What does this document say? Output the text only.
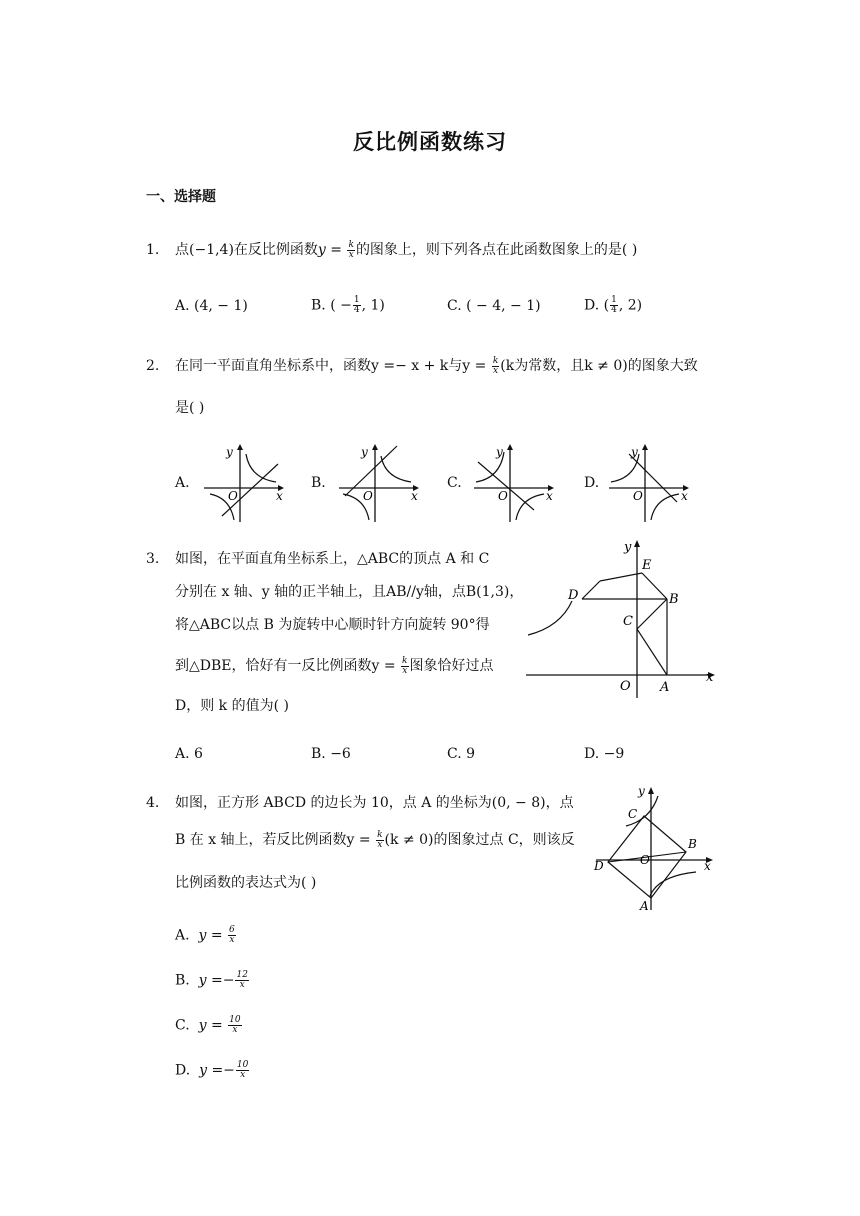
反比例函数练习
一、选择题
1. 点(−1,4)在反比例函数$y = \frac{k}{x}$ 的图象上，则下列各点在此函数图象上的是( )
A. (4, − 1)	B. ( − $\frac{1}{4}$ , 1)	C. ( − 4, − 1)	D. ( $\frac{1}{4}$ , 2)
2. 在同一平面直角坐标系中，函数y =− x + k与$y = \frac{k}{x} (k$为常数，且k ≠ 0)的图象大致
是( )
A.	B.	C.	D.
y
x
O
y
x
O
y
x
O
y
x
O
3. 如图，在平面直角坐标系上，△ABC的顶点 A 和 C
分别在 x 轴、y 轴的正半轴上，且AB//y轴，点B(1,3)，
将△ABC以点 B 为旋转中心顺时针方向旋转 90°得
到△DBE，恰好有一反比例函数$y = \frac{k}{x}$ 图象恰好过点
D，则 k 的值为( )
y
x
E
D	B
C
O A
A. 6	B. −6	C. 9	D. −9
4. 如图，正方形 ABCD 的边长为 10，点 A 的坐标为(0, − 8)，点
B 在 x 轴上，若反比例函数$y = \frac{k}{x} (k \ne 0)$的图象过点 C，则该反
比例函数的表达式为( )
y
x
C
B
D	O
A
A. $y = \frac{6}{x}$
B. $y =- \frac{12}{x}$
C. $y = \frac{10}{x}$
D. $y =- \frac{10}{x}$
